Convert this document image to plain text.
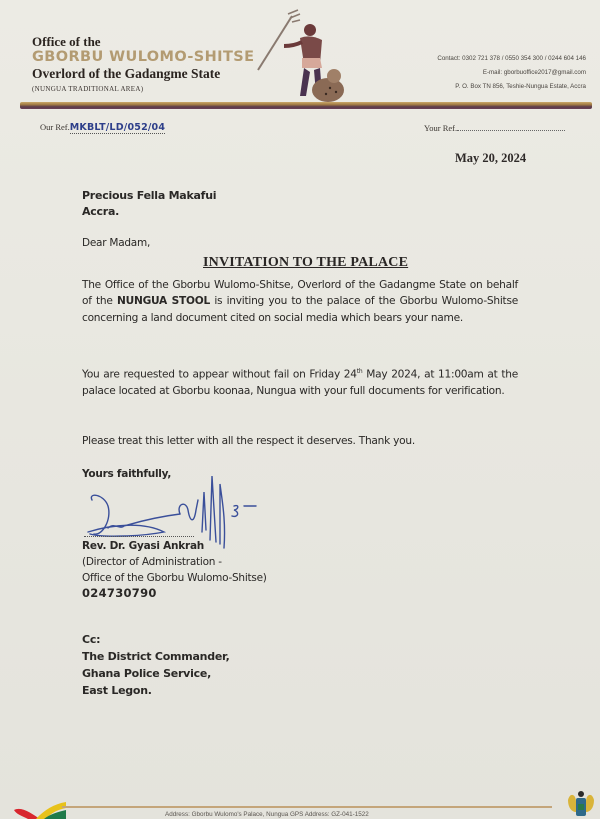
Office of the
GBORBU WULOMO-SHITSE
Overlord of the Gadangme State
(NUNGUA TRADITIONAL AREA)
Contact: 0302 721 378 / 0550 354 300 / 0244 604 146
E-mail: gborbuoffice2017@gmail.com
P. O. Box TN 856, Teshie-Nungua Estate, Accra
Our Ref.MKBLT/LD/052/04	Your Ref.
May 20, 2024
Precious Fella Makafui
Accra.
Dear Madam,
INVITATION TO THE PALACE
The Office of the Gborbu Wulomo-Shitse, Overlord of the Gadangme State on behalf of the NUNGUA STOOL is inviting you to the palace of the Gborbu Wulomo-Shitse concerning a land document cited on social media which bears your name.
You are requested to appear without fail on Friday 24th May 2024, at 11:00am at the palace located at Gborbu koonaa, Nungua with your full documents for verification.
Please treat this letter with all the respect it deserves. Thank you.
Yours faithfully,
Rev. Dr. Gyasi Ankrah
(Director of Administration -
Office of the Gborbu Wulomo-Shitse)
024730790
Cc:
The District Commander,
Ghana Police Service,
East Legon.
Address: Gborbu Wulomo's Palace, Nungua GPS Address: GZ-041-1522
